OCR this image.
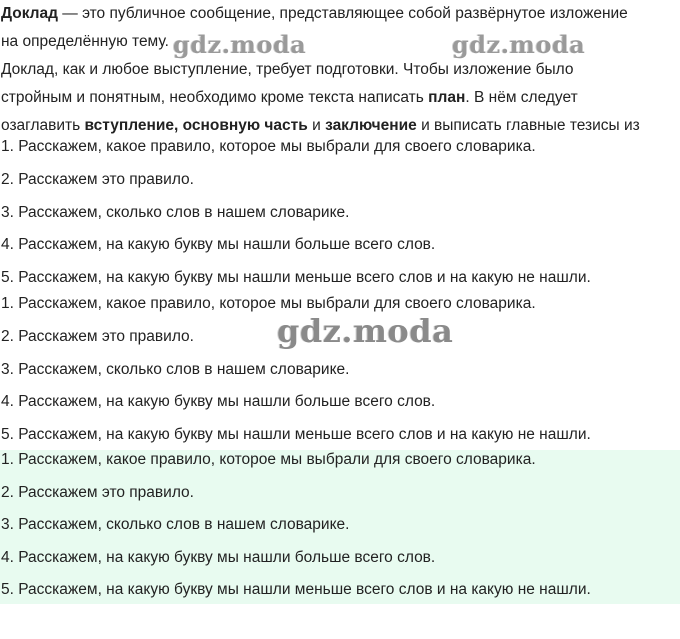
Доклад — это публичное сообщение, представляющее собой развёрнутое изложение

на определённую тему.

Доклад, как и любое выступление, требует подготовки. Чтобы изложение было

стройным и понятным, необходимо кроме текста написать план. В нём следует

озаглавить вступление, основную часть и заключение и выписать главные тезисы из

1. Расскажем, какое правило, которое мы выбрали для своего словарика.
2. Расскажем это правило.
3. Расскажем, сколько слов в нашем словарике.
4. Расскажем, на какую букву мы нашли больше всего слов.
5. Расскажем, на какую букву мы нашли меньше всего слов и на какую не нашли.
1. Расскажем, какое правило, которое мы выбрали для своего словарика.
2. Расскажем это правило.
3. Расскажем, сколько слов в нашем словарике.
4. Расскажем, на какую букву мы нашли больше всего слов.
5. Расскажем, на какую букву мы нашли меньше всего слов и на какую не нашли.
1. Расскажем, какое правило, которое мы выбрали для своего словарика.
2. Расскажем это правило.
3. Расскажем, сколько слов в нашем словарике.
4. Расскажем, на какую букву мы нашли больше всего слов.
5. Расскажем, на какую букву мы нашли меньше всего слов и на какую не нашли.
gdz.moda	gdz.moda
gdz.moda
